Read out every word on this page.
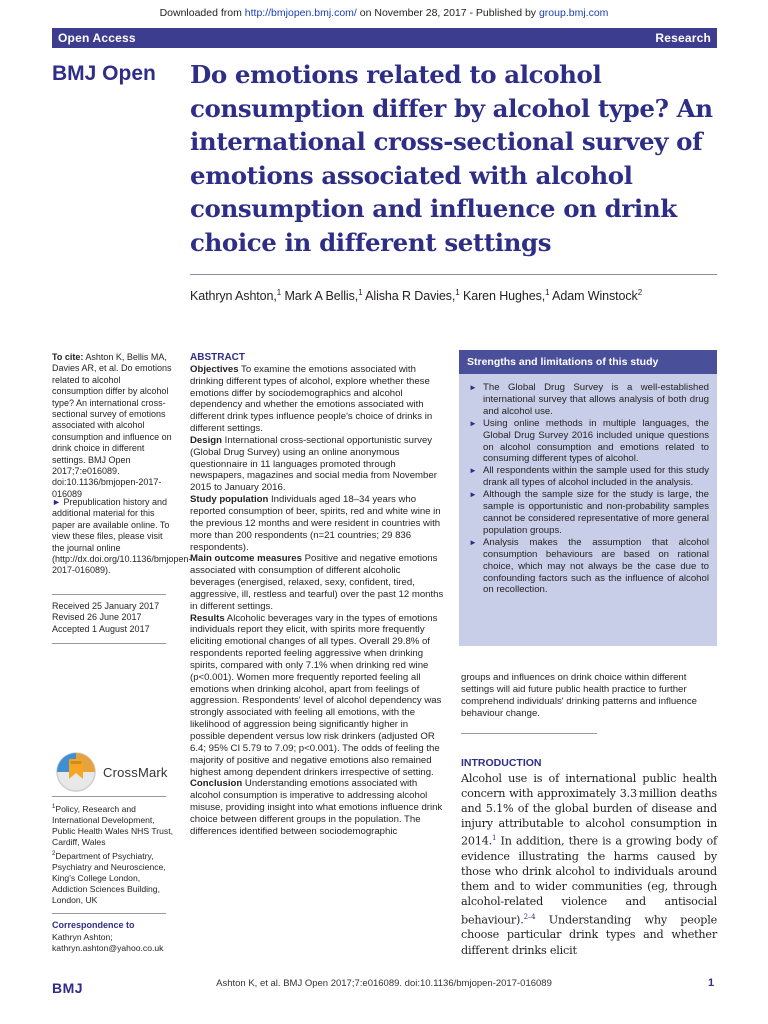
Downloaded from http://bmjopen.bmj.com/ on November 28, 2017 - Published by group.bmj.com
Open Access	Research
BMJ Open Do emotions related to alcohol consumption differ by alcohol type? An international cross-sectional survey of emotions associated with alcohol consumption and influence on drink choice in different settings
Kathryn Ashton,$^1$ Mark A Bellis,$^1$ Alisha R Davies,$^1$ Karen Hughes,$^1$ Adam Winstock$^2$
To cite: Ashton K, Bellis MA, Davies AR, et al. Do emotions related to alcohol consumption differ by alcohol type? An international cross-sectional survey of emotions associated with alcohol consumption and influence on drink choice in different settings. BMJ Open 2017;7:e016089. doi:10.1136/bmjopen-2017-016089
► Prepublication history and additional material for this paper are available online. To view these files, please visit the journal online (http://dx.doi.org/10.1136/bmjopen-2017-016089).
Received 25 January 2017
Revised 26 June 2017
Accepted 1 August 2017
CrossMark
$^1$Policy, Research and International Development, Public Health Wales NHS Trust, Cardiff, Wales
$^2$Department of Psychiatry, Psychiatry and Neuroscience, King's College London, Addiction Sciences Building, London, UK
Correspondence to
Kathryn Ashton;
kathryn.ashton@yahoo.co.uk
ABSTRACT
Objectives To examine the emotions associated with drinking different types of alcohol, explore whether these emotions differ by sociodemographics and alcohol dependency and whether the emotions associated with different drink types influence people's choice of drinks in different settings.
Design International cross-sectional opportunistic survey (Global Drug Survey) using an online anonymous questionnaire in 11 languages promoted through newspapers, magazines and social media from November 2015 to January 2016.
Study population Individuals aged 18–34 years who reported consumption of beer, spirits, red and white wine in the previous 12 months and were resident in countries with more than 200 respondents (n=21 countries; 29 836 respondents).
Main outcome measures Positive and negative emotions associated with consumption of different alcoholic beverages (energised, relaxed, sexy, confident, tired, aggressive, ill, restless and tearful) over the past 12 months in different settings.
Results Alcoholic beverages vary in the types of emotions individuals report they elicit, with spirits more frequently eliciting emotional changes of all types. Overall 29.8% of respondents reported feeling aggressive when drinking spirits, compared with only 7.1% when drinking red wine (p<0.001). Women more frequently reported feeling all emotions when drinking alcohol, apart from feelings of aggression. Respondents' level of alcohol dependency was strongly associated with feeling all emotions, with the likelihood of aggression being significantly higher in possible dependent versus low risk drinkers (adjusted OR 6.4; 95% CI 5.79 to 7.09; p<0.001). The odds of feeling the majority of positive and negative emotions also remained highest among dependent drinkers irrespective of setting.
Conclusion Understanding emotions associated with alcohol consumption is imperative to addressing alcohol misuse, providing insight into what emotions influence drink choice between different groups in the population. The differences identified between sociodemographic
Strengths and limitations of this study
► The Global Drug Survey is a well-established international survey that allows analysis of both drug and alcohol use.
► Using online methods in multiple languages, the Global Drug Survey 2016 included unique questions on alcohol consumption and emotions related to consuming different types of alcohol.
► All respondents within the sample used for this study drank all types of alcohol included in the analysis.
► Although the sample size for the study is large, the sample is opportunistic and non-probability samples cannot be considered representative of more general population groups.
► Analysis makes the assumption that alcohol consumption behaviours are based on rational choice, which may not always be the case due to confounding factors such as the influence of alcohol on recollection.
groups and influences on drink choice within different settings will aid future public health practice to further comprehend individuals' drinking patterns and influence behaviour change.
INTRODUCTION
Alcohol use is of international public health concern with approximately 3.3 million deaths and 5.1% of the global burden of disease and injury attributable to alcohol consumption in 2014.$^1$ In addition, there is a growing body of evidence illustrating the harms caused by those who drink alcohol to individuals around them and to wider communities (eg, through alcohol-related violence and antisocial behaviour).$^{2-4}$ Understanding why people choose particular drink types and whether different drinks elicit
BMJ	Ashton K, et al. BMJ Open 2017;7:e016089. doi:10.1136/bmjopen-2017-016089	1
